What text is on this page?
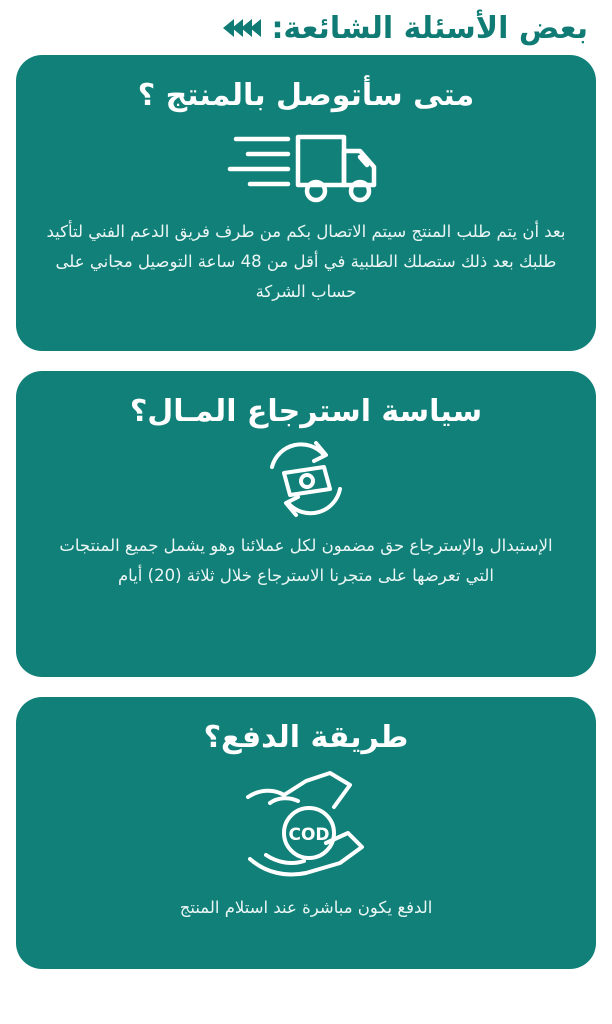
بعض الأسئلة الشائعة:
متى سأتوصل بالمنتج ؟
بعد أن يتم طلب المنتج سيتم الاتصال بكم من طرف فريق الدعم الفني لتأكيد طلبك بعد ذلك ستصلك الطلبية في أقل من 48 ساعة التوصيل مجاني على حساب الشركة
سياسة استرجاع المـال؟
الإستبدال والإسترجاع حق مضمون لكل عملائنا وهو يشمل جميع المنتجات التي تعرضها على متجرنا الاسترجاع خلال ثلاثة (20) أيام
طريقة الدفع؟
COD
الدفع يكون مباشرة عند استلام المنتج
